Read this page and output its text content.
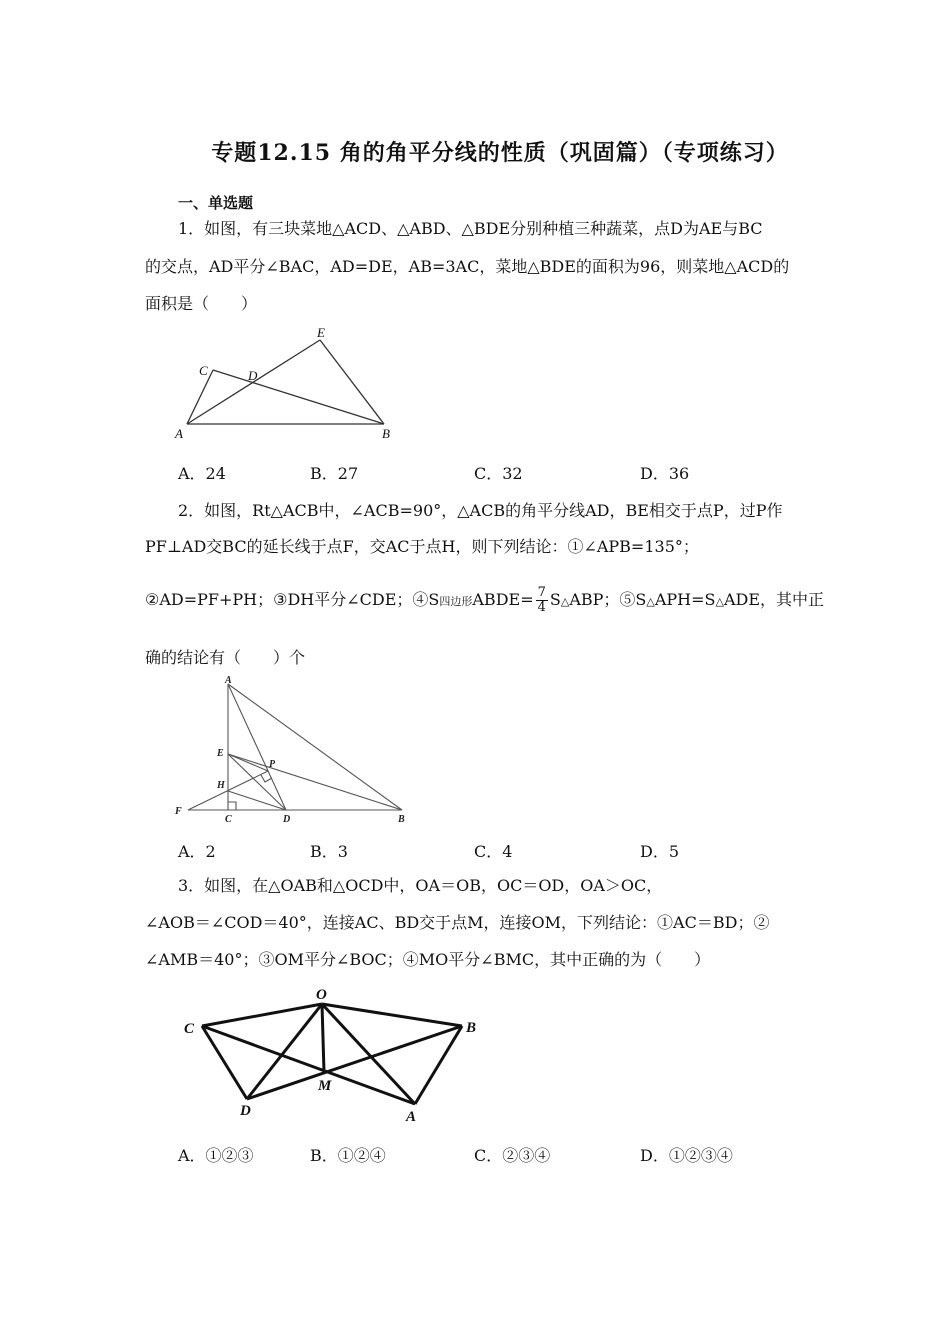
专题12.15 角的角平分线的性质（巩固篇）（专项练习）
一、单选题
1．如图，有三块菜地△ACD、△ABD、△BDE分别种植三种蔬菜，点D为AE与BC
的交点，AD平分∠BAC，AD=DE，AB=3AC，菜地△BDE的面积为96，则菜地△ACD的
面积是（　　）
A	B
C	D
E
A．24	B．27	C．32	D．36
2．如图，Rt△ACB中，∠ACB=90°，△ACB的角平分线AD，BE相交于点P，过P作
PF⊥AD交BC的延长线于点F，交AC于点H，则下列结论：①∠APB=135°；
②AD=PF+PH；③DH平分∠CDE；④S四边形ABDE= $\frac{7}{4}$ S△ABP；⑤S△APH=S△ADE，其中正
确的结论有（　　）个
A
E
P
H
F
C	D	B
A．2	B．3	C．4	D．5
3．如图，在△OAB和△OCD中，OA＝OB，OC＝OD，OA＞OC，
∠AOB＝∠COD＝40°，连接AC、BD交于点M，连接OM，下列结论：①AC＝BD；②
∠AMB＝40°；③OM平分∠BOC；④MO平分∠BMC，其中正确的为（　　）
O
B
C
D
M
A
A．①②③	B．①②④	C．②③④	D．①②③④
